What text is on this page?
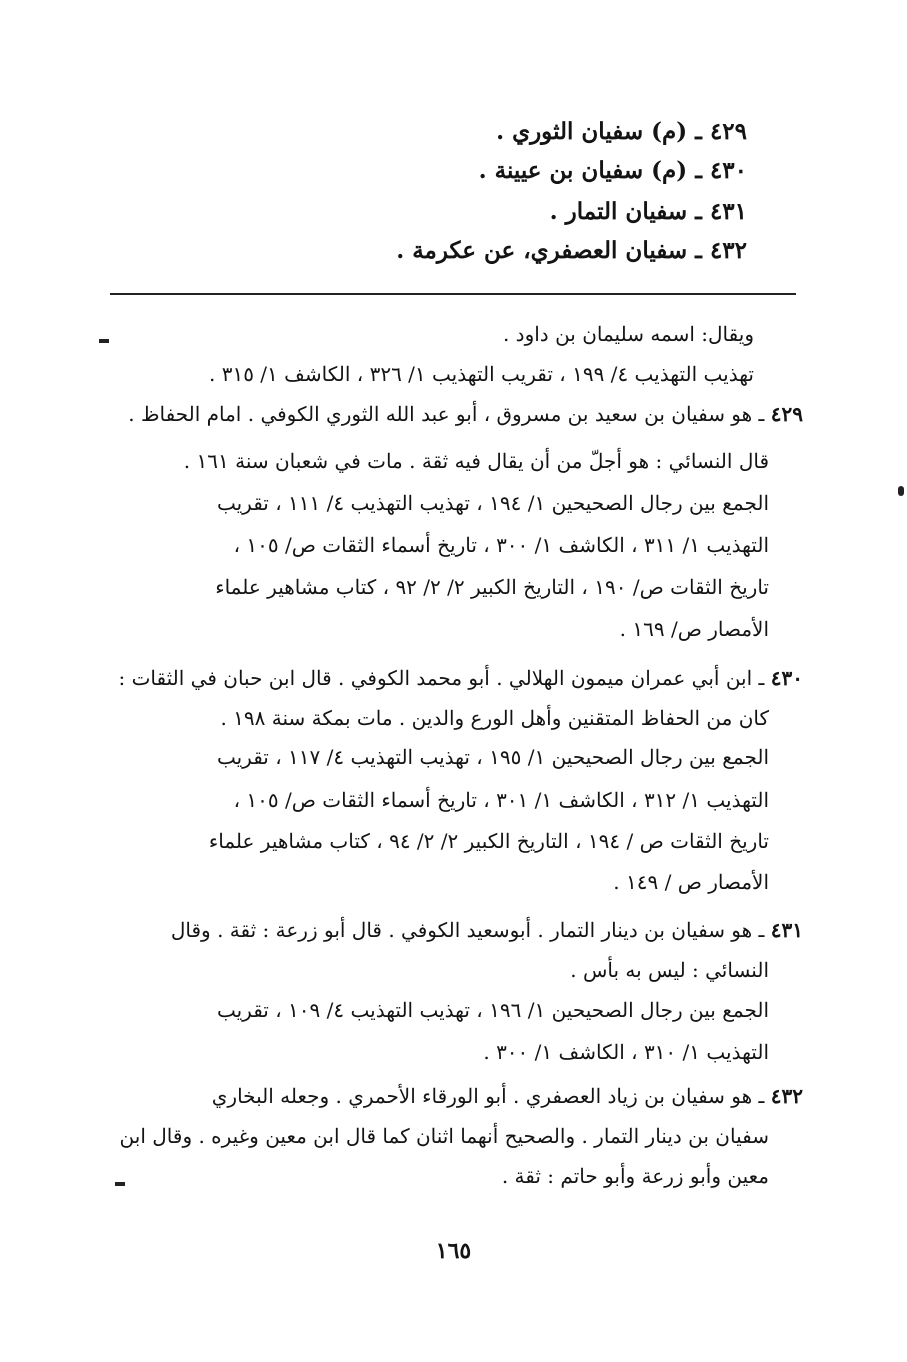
٤٢٩ ـ (م) سفيان الثوري .
٤٣٠ ـ (م) سفيان بن عيينة .
٤٣١ ـ سفيان التمار .
٤٣٢ ـ سفيان العصفري، عن عكرمة .
ويقال: اسمه سليمان بن داود .
تهذيب التهذيب ٤/ ١٩٩ ، تقريب التهذيب ١/ ٣٢٦ ، الكاشف ١/ ٣١٥ .
٤٢٩ ـ هو سفيان بن سعيد بن مسروق ، أبو عبد الله الثوري الكوفي . امام الحفاظ .
قال النسائي : هو أجلّ من أن يقال فيه ثقة . مات في شعبان سنة ١٦١ .
الجمع بين رجال الصحيحين ١/ ١٩٤ ، تهذيب التهذيب ٤/ ١١١ ، تقريب
التهذيب ١/ ٣١١ ، الكاشف ١/ ٣٠٠ ، تاريخ أسماء الثقات ص/ ١٠٥ ،
تاريخ الثقات ص/ ١٩٠ ، التاريخ الكبير ٢/ ٢/ ٩٢ ، كتاب مشاهير علماء
الأمصار ص/ ١٦٩ .
٤٣٠ ـ ابن أبي عمران ميمون الهلالي . أبو محمد الكوفي . قال ابن حبان في الثقات :
كان من الحفاظ المتقنين وأهل الورع والدين . مات بمكة سنة ١٩٨ .
الجمع بين رجال الصحيحين ١/ ١٩٥ ، تهذيب التهذيب ٤/ ١١٧ ، تقريب
التهذيب ١/ ٣١٢ ، الكاشف ١/ ٣٠١ ، تاريخ أسماء الثقات ص/ ١٠٥ ،
تاريخ الثقات ص / ١٩٤ ، التاريخ الكبير ٢/ ٢/ ٩٤ ، كتاب مشاهير علماء
الأمصار ص / ١٤٩ .
٤٣١ ـ هو سفيان بن دينار التمار . أبوسعيد الكوفي . قال أبو زرعة : ثقة . وقال
النسائي : ليس به بأس .
الجمع بين رجال الصحيحين ١/ ١٩٦ ، تهذيب التهذيب ٤/ ١٠٩ ، تقريب
التهذيب ١/ ٣١٠ ، الكاشف ١/ ٣٠٠ .
٤٣٢ ـ هو سفيان بن زياد العصفري . أبو الورقاء الأحمري . وجعله البخاري
سفيان بن دينار التمار . والصحيح أنهما اثنان كما قال ابن معين وغيره . وقال ابن
معين وأبو زرعة وأبو حاتم : ثقة .
١٦٥
